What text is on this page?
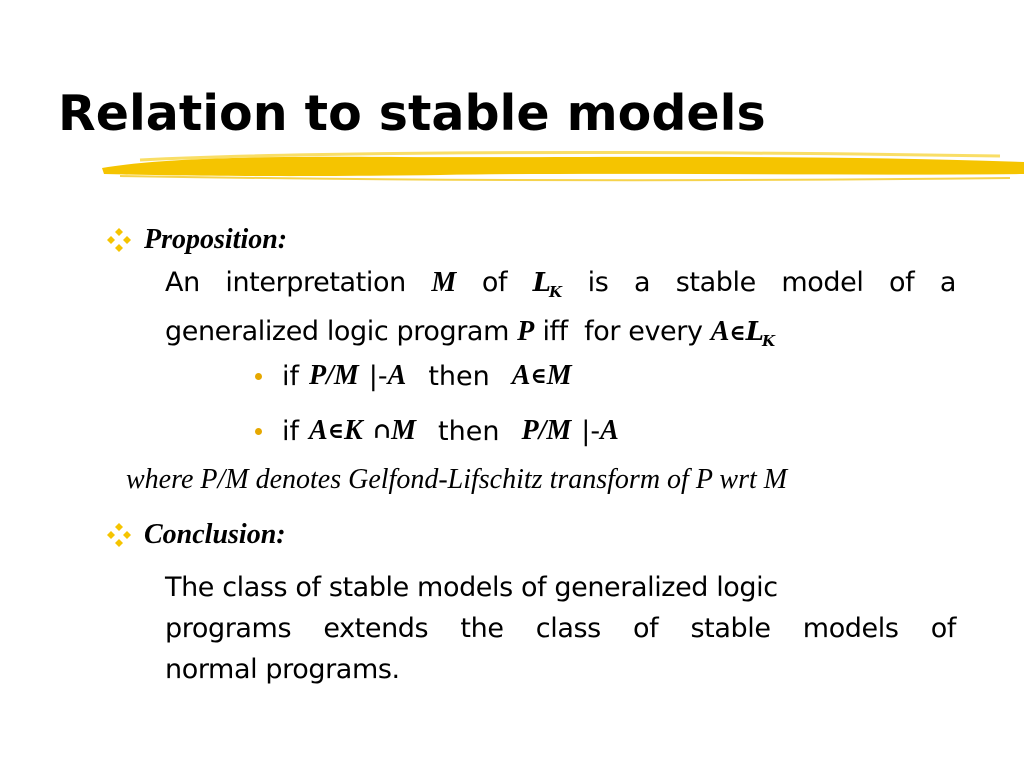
Relation to stable models
Proposition:
An interpretation M of $L_K$ is a stable model of a
generalized logic program P iff for every $A\in L_K$
if P/M |- A then A ∈ M
if A ∈ K ∩ M then P/M |- A
where P/M denotes Gelfond-Lifschitz transform of P wrt M
Conclusion:
The class of stable models of generalized logic
programs extends the class of stable models of
normal programs.
